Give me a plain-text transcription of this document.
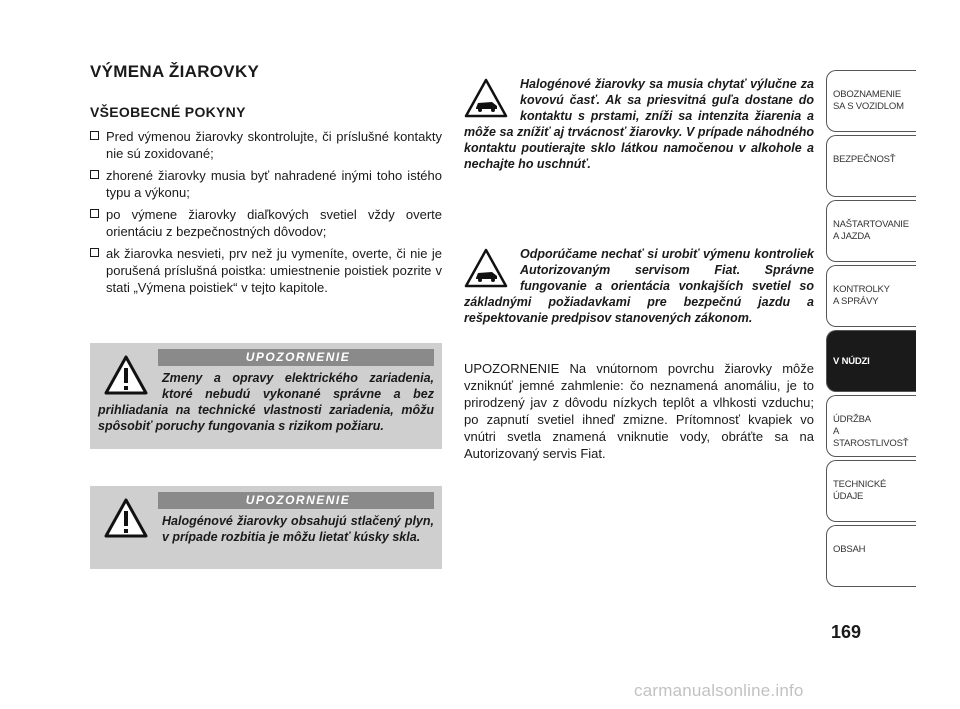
VÝMENA ŽIAROVKY
VŠEOBECNÉ POKYNY
Pred výmenou žiarovky skontrolujte, či príslušné kontakty nie sú zoxidované;
zhorené žiarovky musia byť nahradené inými toho istého typu a výkonu;
po výmene žiarovky diaľkových svetiel vždy overte orientáciu z bezpečnostných dôvodov;
ak žiarovka nesvieti, prv než ju vymeníte, overte, či nie je porušená príslušná poistka: umiestnenie poistiek pozrite v stati „Výmena poistiek“ v tejto kapitole.
UPOZORNENIE
Zmeny a opravy elektrického zariadenia, ktoré nebudú vykonané správne a bez prihliadania na technické vlastnosti zariadenia, môžu spôsobiť poruchy fungovania s rizikom požiaru.
UPOZORNENIE
Halogénové žiarovky obsahujú stlačený plyn, v prípade rozbitia je môžu lietať kúsky skla.
Halogénové žiarovky sa musia chytať výlučne za kovovú časť. Ak sa priesvitná guľa dostane do kontaktu s prstami, zníži sa intenzita žiarenia a môže sa znížiť aj trvácnosť žiarovky. V prípade náhodného kontaktu poutierajte sklo látkou namočenou v alkohole a nechajte ho uschnúť.
Odporúčame nechať si urobiť výmenu kontroliek Autorizovaným servisom Fiat. Správne fungovanie a orientácia vonkajších svetiel so základnými požiadavkami pre bezpečnú jazdu a rešpektovanie predpisov stanovených zákonom.
UPOZORNENIE Na vnútornom povrchu žiarovky môže vzniknúť jemné zahmlenie: čo neznamená anomáliu, je to prirodzený jav z dôvodu nízkych teplôt a vlhkosti vzduchu; po zapnutí svetiel ihneď zmizne. Prítomnosť kvapiek vo vnútri svetla znamená vniknutie vody, obráťte sa na Autorizovaný servis Fiat.
OBOZNAMENIE
SA S VOZIDLOM
BEZPEČNOSŤ
NAŠTARTOVANIE
A JAZDA
KONTROLKY
A SPRÁVY
V NÚDZI
ÚDRŽBA
A STAROSTLIVOSŤ
TECHNICKÉ
ÚDAJE
OBSAH
169
carmanualsonline.info
